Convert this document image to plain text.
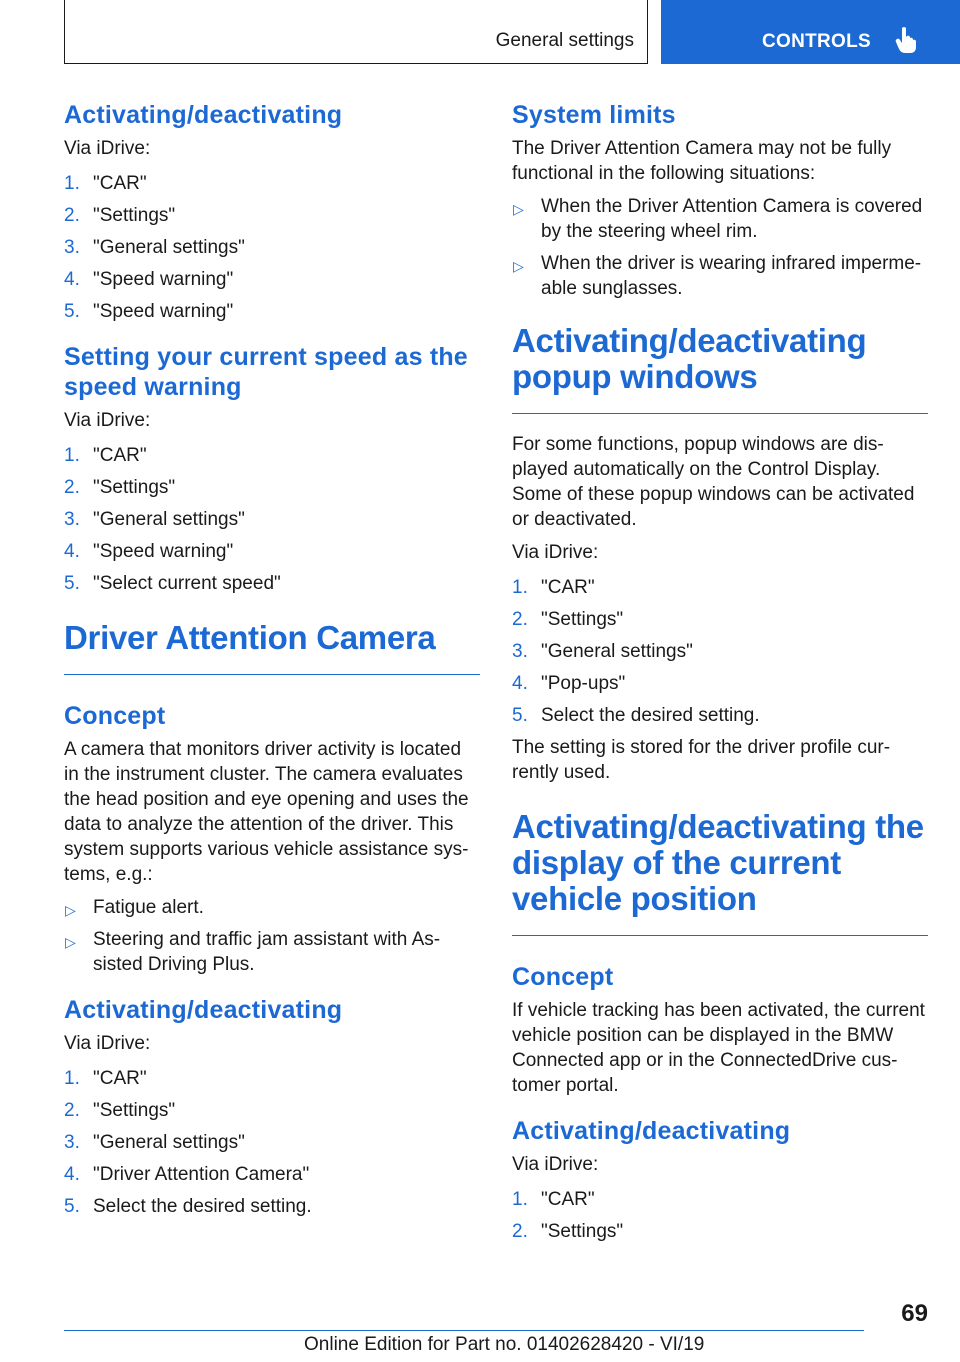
General settings	CONTROLS
Activating/deactivating

Via iDrive:

1. "CAR"
2. "Settings"
3. "General settings"
4. "Speed warning"
5. "Speed warning"
Setting your current speed as the speed warning

Via iDrive:

1. "CAR"
2. "Settings"
3. "General settings"
4. "Speed warning"
5. "Select current speed"
Driver Attention Camera
Concept

A camera that monitors driver activity is located in the instrument cluster. The camera evaluates the head position and eye opening and uses the data to analyze the attention of the driver. This system supports various vehicle assistance sys‐ tems, e.g.:

▷ Fatigue alert.
▷ Steering and traffic jam assistant with As‐ sisted Driving Plus.
Activating/deactivating

Via iDrive:

1. "CAR"
2. "Settings"
3. "General settings"
4. "Driver Attention Camera"
5. Select the desired setting.
System limits

The Driver Attention Camera may not be fully functional in the following situations:

▷ When the Driver Attention Camera is covered by the steering wheel rim.
▷ When the driver is wearing infrared imperme‐ able sunglasses.
Activating/deactivating popup windows

For some functions, popup windows are dis‐ played automatically on the Control Display. Some of these popup windows can be activated or deactivated.

Via iDrive:

1. "CAR"
2. "Settings"
3. "General settings"
4. "Pop-ups"
5. Select the desired setting.

The setting is stored for the driver profile cur‐ rently used.

Activating/deactivating the display of the current vehicle position
Concept

If vehicle tracking has been activated, the current vehicle position can be displayed in the BMW Connected app or in the ConnectedDrive cus‐ tomer portal.

Activating/deactivating

Via iDrive:

1. "CAR"
2. "Settings"
69
Online Edition for Part no. 01402628420 - VI/19
